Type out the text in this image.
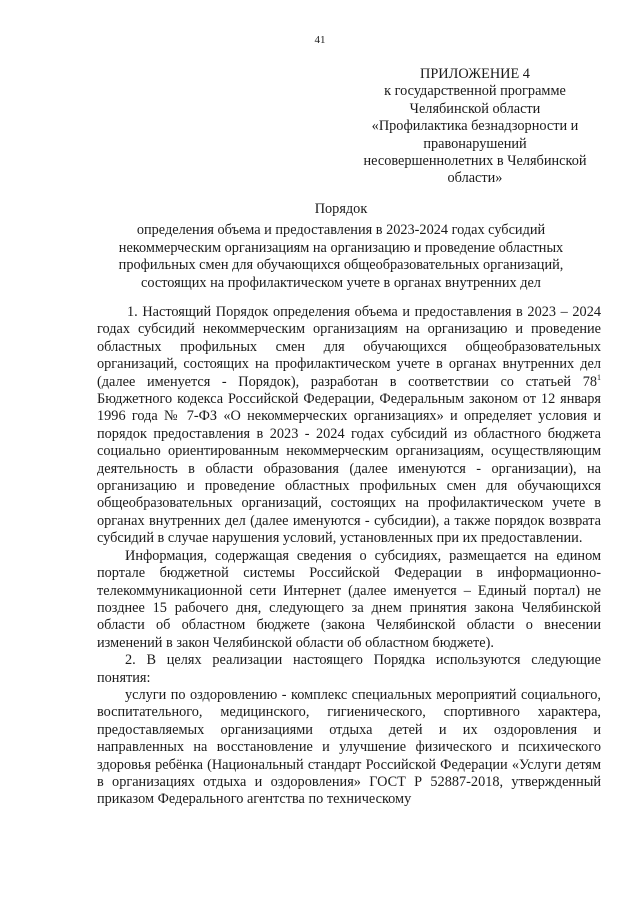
41
ПРИЛОЖЕНИЕ 4
к государственной программе
Челябинской области
«Профилактика безнадзорности и
правонарушений
несовершеннолетних в Челябинской
области»
Порядок
определения объема и предоставления в 2023-2024 годах субсидий
некоммерческим организациям на организацию и проведение областных
профильных смен для обучающихся общеобразовательных организаций,
состоящих на профилактическом учете в органах внутренних дел

1. Настоящий Порядок определения объема и предоставления в 2023 – 2024 годах субсидий некоммерческим организациям на организацию и проведение областных профильных смен для обучающихся общеобразовательных организаций, состоящих на профилактическом учете в органах внутренних дел (далее именуется - Порядок), разработан в соответствии со статьей $78^1$ Бюджетного кодекса Российской Федерации, Федеральным законом от 12 января 1996 года № 7-ФЗ «О некоммерческих организациях» и определяет условия и порядок предоставления в 2023 - 2024 годах субсидий из областного бюджета социально ориентированным некоммерческим организациям, осуществляющим деятельность в области образования (далее именуются - организации), на организацию и проведение областных профильных смен для обучающихся общеобразовательных организаций, состоящих на профилактическом учете в органах внутренних дел (далее именуются - субсидии), а также порядок возврата субсидий в случае нарушения условий, установленных при их предоставлении.

Информация, содержащая сведения о субсидиях, размещается на едином портале бюджетной системы Российской Федерации в информационно-телекоммуникационной сети Интернет (далее именуется – Единый портал) не позднее 15 рабочего дня, следующего за днем принятия закона Челябинской области об областном бюджете (закона Челябинской области о внесении изменений в закон Челябинской области об областном бюджете).

2. В целях реализации настоящего Порядка используются следующие понятия:

услуги по оздоровлению - комплекс специальных мероприятий социального, воспитательного, медицинского, гигиенического, спортивного характера, предоставляемых организациями отдыха детей и их оздоровления и направленных на восстановление и улучшение физического и психического здоровья ребёнка (Национальный стандарт Российской Федерации «Услуги детям в организациях отдыха и оздоровления» ГОСТ Р 52887-2018, утвержденный приказом Федерального агентства по техническому
